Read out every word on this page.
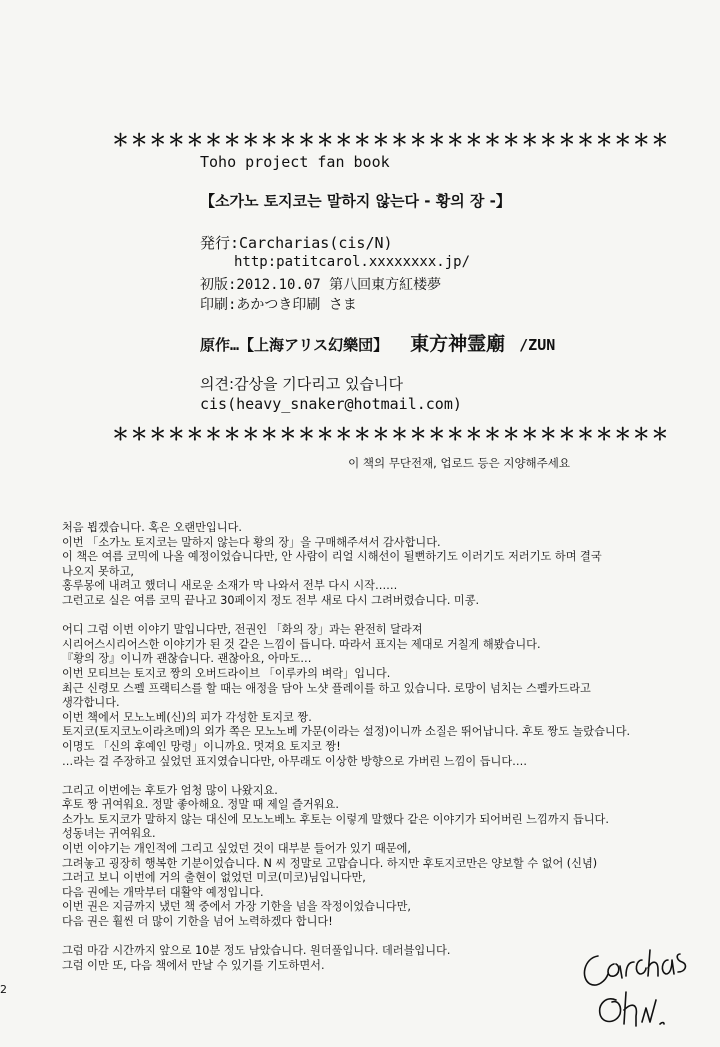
＊＊＊＊＊＊＊＊＊＊＊＊＊＊＊＊＊＊＊＊＊＊＊＊＊＊＊＊＊＊
Toho project fan book
【소가노 토지코는 말하지 않는다 - 황의 장 -】
発行:Carcharias(cis/N)
http:patitcarol.xxxxxxxx.jp/
初版:2012.10.07 第八回東方紅楼夢
印刷:あかつき印刷 さま
原作…【上海アリス幻樂団】 東方神霊廟 /ZUN
의견:감상을 기다리고 있습니다
cis(heavy_snaker@hotmail.com)
＊＊＊＊＊＊＊＊＊＊＊＊＊＊＊＊＊＊＊＊＊＊＊＊＊＊＊＊＊＊
이 책의 무단전재, 업로드 등은 지양해주세요
처음 뵙겠습니다. 혹은 오랜만입니다.
이번 「소가노 토지코는 말하지 않는다 황의 장」을 구매해주셔서 감사합니다.
이 책은 여름 코믹에 나올 예정이었습니다만, 안 사람이 리얼 시해선이 될뻔하기도 이러기도 저러기도 하며 결국
나오지 못하고,
홍루몽에 내려고 했더니 새로운 소재가 막 나와서 전부 다시 시작……
그런고로 실은 여름 코믹 끝나고 30페이지 정도 전부 새로 다시 그려버렸습니다. 미콩.
어디 그럼 이번 이야기 말입니다만, 전권인 「화의 장」과는 완전히 달라져
시리어스시리어스한 이야기가 된 것 같은 느낌이 듭니다. 따라서 표지는 제대로 거칠게 해봤습니다.
『황의 장』이니까 괜찮습니다. 괜찮아요, 아마도…
이번 모티브는 토지코 짱의 오버드라이브 「이루카의 벼락」입니다.
최근 신령모 스펠 프랙티스를 할 때는 애정을 담아 노샷 플레이를 하고 있습니다. 로망이 넘치는 스펠카드라고
생각합니다.
이번 책에서 모노노베(신)의 피가 각성한 토지코 짱.
토지코(토지코노이라츠메)의 외가 쪽은 모노노베 가문(이라는 설정)이니까 소질은 뛰어납니다. 후토 짱도 놀랐습니다.
이명도 「신의 후예인 망령」이니까요. 멋져요 토지코 짱!
…라는 걸 주장하고 싶었던 표지였습니다만, 아무래도 이상한 방향으로 가버린 느낌이 듭니다….
그리고 이번에는 후토가 엄청 많이 나왔지요.
후토 짱 귀여워요. 정말 좋아해요. 정말 때 제일 즐거워요.
소가노 토지코가 말하지 않는 대신에 모노노베노 후토는 이렇게 말했다 같은 이야기가 되어버린 느낌까지 듭니다.
성동녀는 귀여워요.
이번 이야기는 개인적에 그리고 싶었던 것이 대부분 들어가 있기 때문에,
그려놓고 굉장히 행복한 기분이었습니다. N 씨 정말로 고맙습니다. 하지만 후토지코만은 양보할 수 없어 (신념)
그러고 보니 이번에 거의 출현이 없었던 미코(미코)님입니다만,
다음 권에는 개막부터 대활약 예정입니다.
이번 권은 지금까지 냈던 책 중에서 가장 기한을 넘을 작정이었습니다만,
다음 권은 훨씬 더 많이 기한을 넘어 노력하겠다 합니다!
그럼 마감 시간까지 앞으로 10분 정도 남았습니다. 원더풀입니다. 데러블입니다.
그럼 이만 또, 다음 책에서 만날 수 있기를 기도하면서.
2
